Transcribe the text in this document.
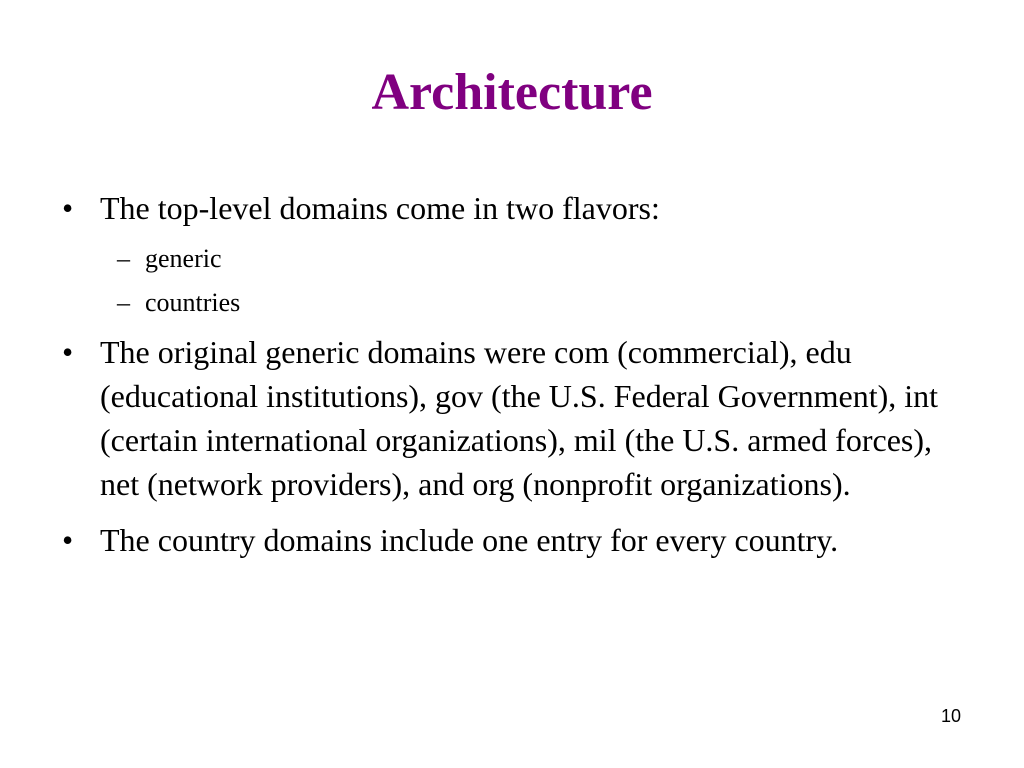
Architecture
• The top-level domains come in two flavors:
– generic
– countries
• The original generic domains were com (commercial), edu (educational institutions), gov (the U.S. Federal Government), int (certain international organizations), mil (the U.S. armed forces), net (network providers), and org (nonprofit organizations).
• The country domains include one entry for every country.
10
